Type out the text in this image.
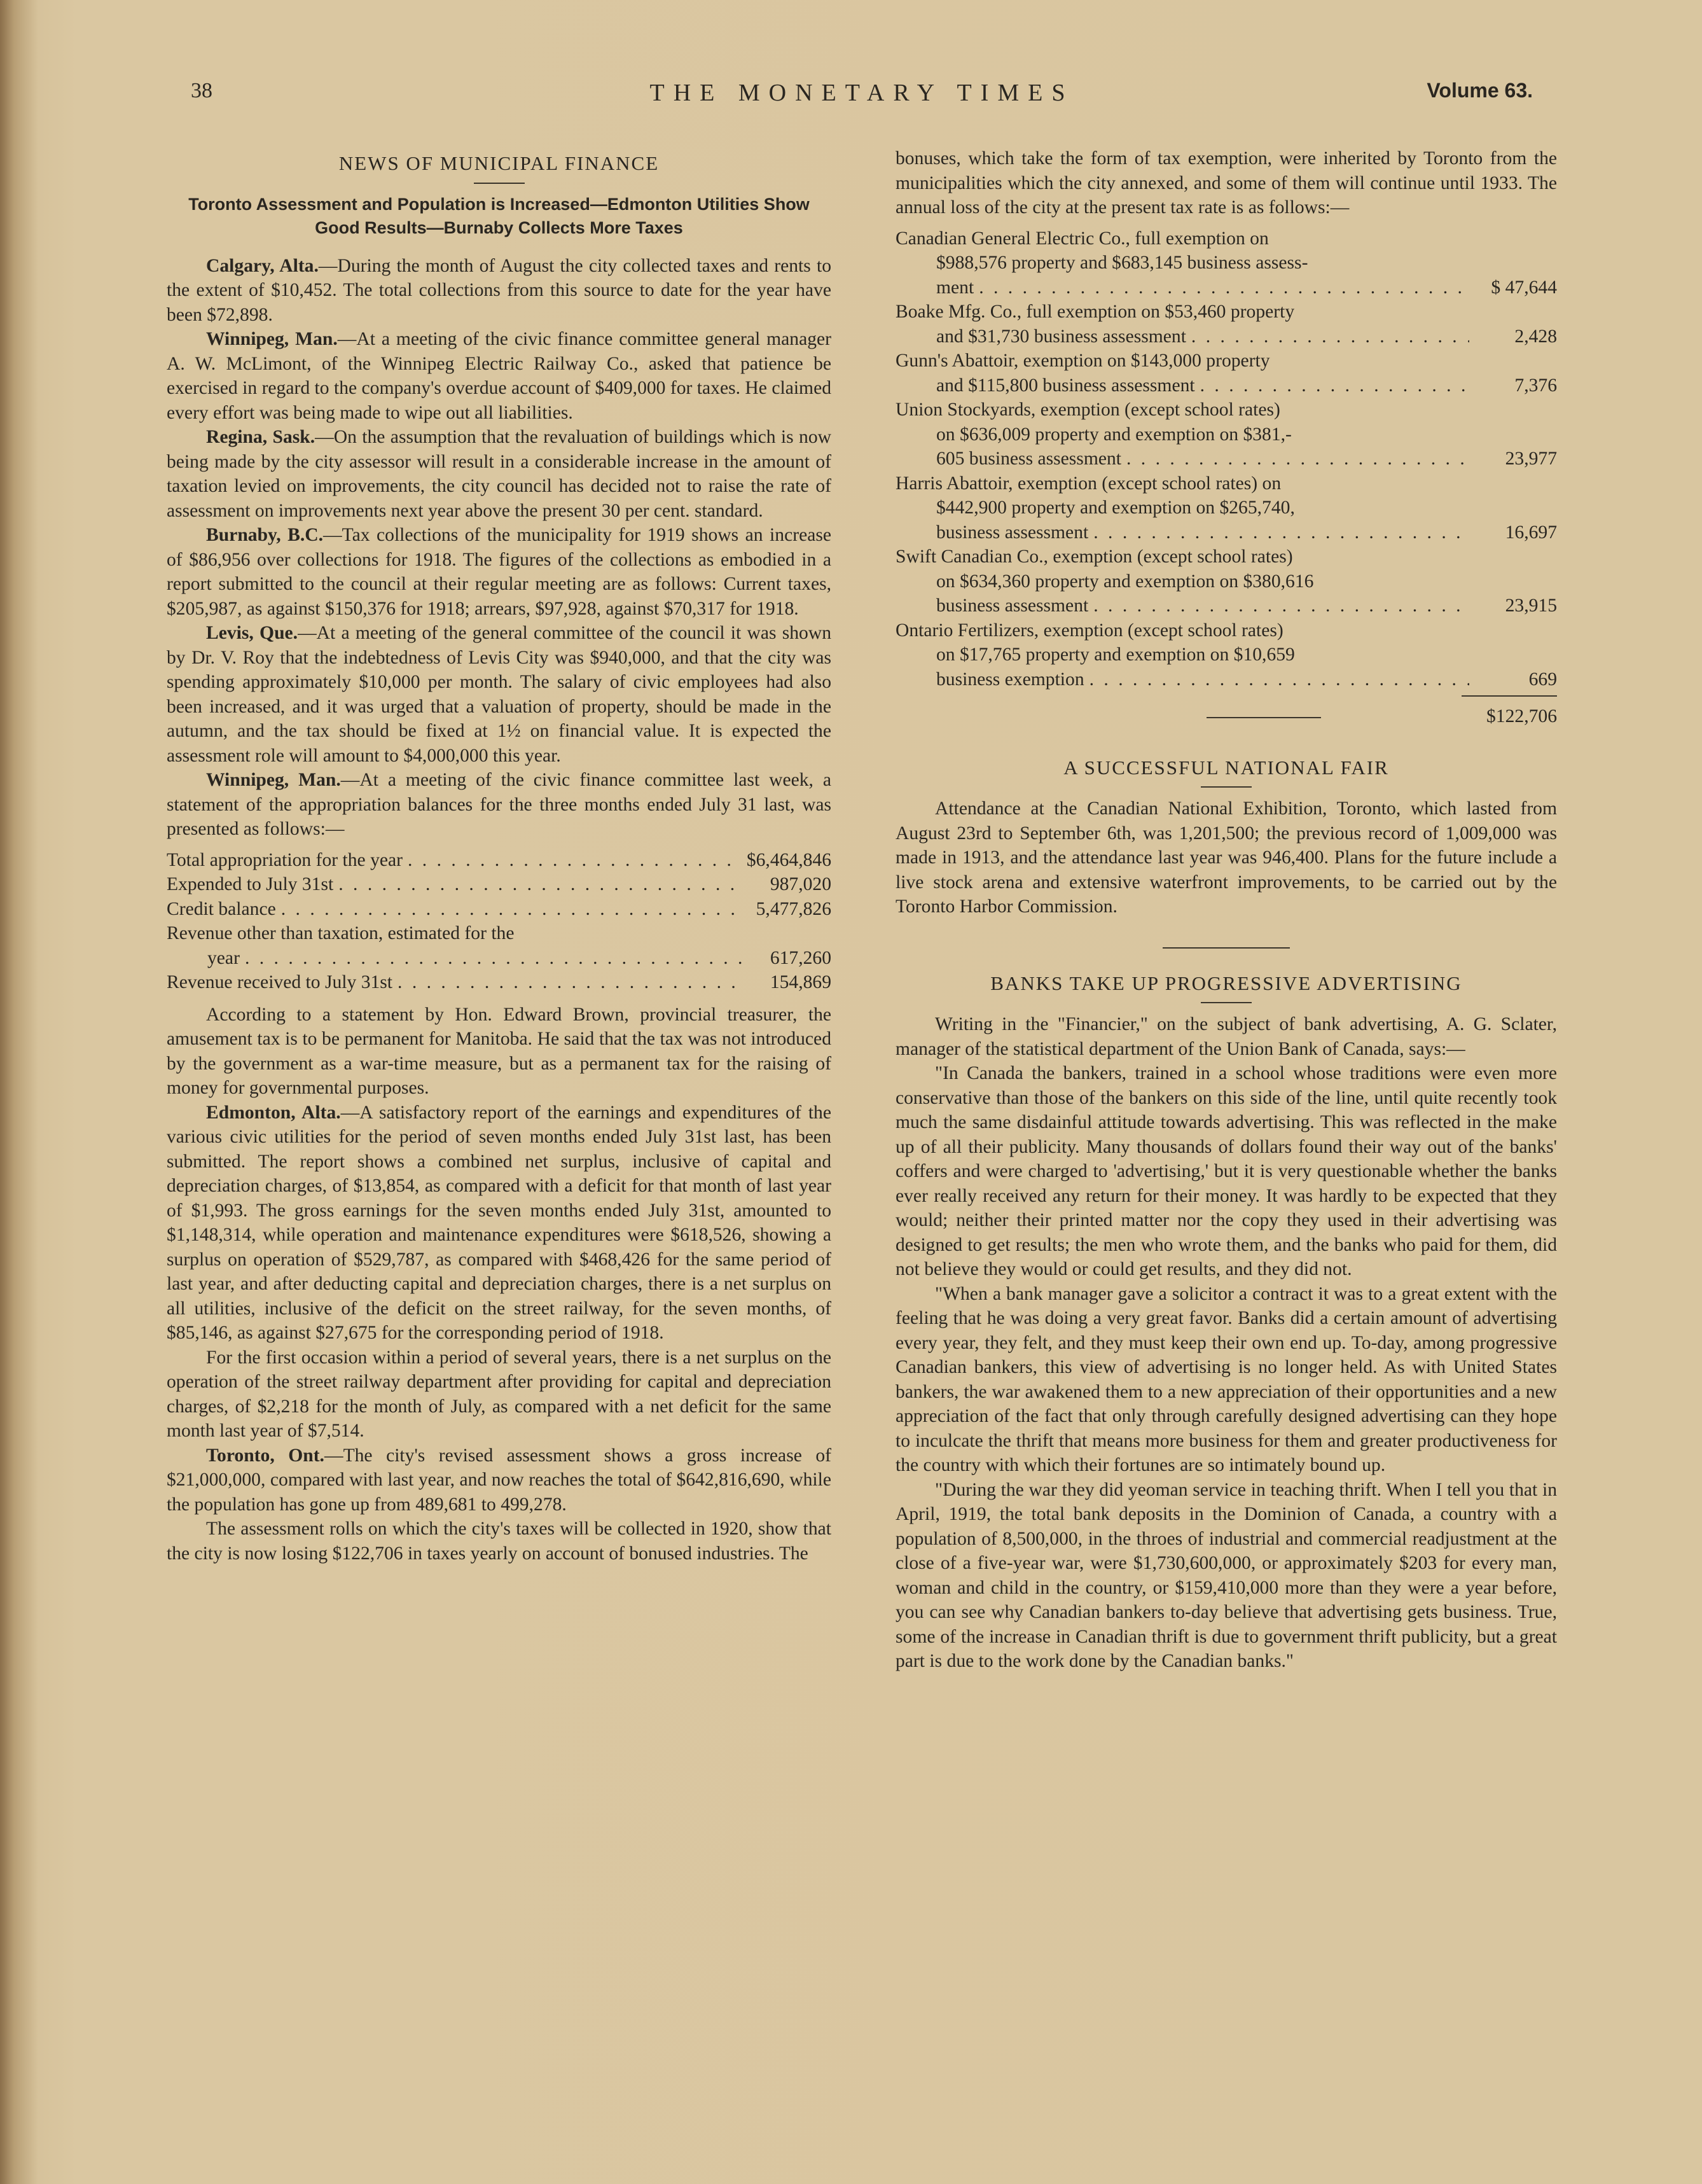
38	THE MONETARY TIMES	Volume 63.
NEWS OF MUNICIPAL FINANCE
Toronto Assessment and Population is Increased—Edmonton Utilities Show Good Results—Burnaby Collects More Taxes

Calgary, Alta.—During the month of August the city collected taxes and rents to the extent of $10,452. The total collections from this source to date for the year have been $72,898.

Winnipeg, Man.—At a meeting of the civic finance committee general manager A. W. McLimont, of the Winnipeg Electric Railway Co., asked that patience be exercised in regard to the company's overdue account of $409,000 for taxes. He claimed every effort was being made to wipe out all liabilities.

Regina, Sask.—On the assumption that the revaluation of buildings which is now being made by the city assessor will result in a considerable increase in the amount of taxation levied on improvements, the city council has decided not to raise the rate of assessment on improvements next year above the present 30 per cent. standard.

Burnaby, B.C.—Tax collections of the municipality for 1919 shows an increase of $86,956 over collections for 1918. The figures of the collections as embodied in a report submitted to the council at their regular meeting are as follows: Current taxes, $205,987, as against $150,376 for 1918; arrears, $97,928, against $70,317 for 1918.

Levis, Que.—At a meeting of the general committee of the council it was shown by Dr. V. Roy that the indebtedness of Levis City was $940,000, and that the city was spending approximately $10,000 per month. The salary of civic employees had also been increased, and it was urged that a valuation of property, should be made in the autumn, and the tax should be fixed at 1½ on financial value. It is expected the assessment role will amount to $4,000,000 this year.

Winnipeg, Man.—At a meeting of the civic finance committee last week, a statement of the appropriation balances for the three months ended July 31 last, was presented as follows:—

Total appropriation for the year . . .	$6,464,846
Expended to July 31st . . .	987,020
Credit balance . . .	5,477,826
Revenue other than taxation, estimated for the
year . . .	617,260
Revenue received to July 31st . . .	154,869

According to a statement by Hon. Edward Brown, provincial treasurer, the amusement tax is to be permanent for Manitoba. He said that the tax was not introduced by the government as a war-time measure, but as a permanent tax for the raising of money for governmental purposes.

Edmonton, Alta.—A satisfactory report of the earnings and expenditures of the various civic utilities for the period of seven months ended July 31st last, has been submitted. The report shows a combined net surplus, inclusive of capital and depreciation charges, of $13,854, as compared with a deficit for that month of last year of $1,993. The gross earnings for the seven months ended July 31st, amounted to $1,148,314, while operation and maintenance expenditures were $618,526, showing a surplus on operation of $529,787, as compared with $468,426 for the same period of last year, and after deducting capital and depreciation charges, there is a net surplus on all utilities, inclusive of the deficit on the street railway, for the seven months, of $85,146, as against $27,675 for the corresponding period of 1918.

For the first occasion within a period of several years, there is a net surplus on the operation of the street railway department after providing for capital and depreciation charges, of $2,218 for the month of July, as compared with a net deficit for the same month last year of $7,514.

Toronto, Ont.—The city's revised assessment shows a gross increase of $21,000,000, compared with last year, and now reaches the total of $642,816,690, while the population has gone up from 489,681 to 499,278.

The assessment rolls on which the city's taxes will be collected in 1920, show that the city is now losing $122,706 in taxes yearly on account of bonused industries. The

bonuses, which take the form of tax exemption, were inherited by Toronto from the municipalities which the city annexed, and some of them will continue until 1933. The annual loss of the city at the present tax rate is as follows:—
Canadian General Electric Co., full exemption on
$988,576 property and $683,145 business assess-
ment . . .	$ 47,644
Boake Mfg. Co., full exemption on $53,460 property
and $31,730 business assessment . . .	2,428
Gunn's Abattoir, exemption on $143,000 property
and $115,800 business assessment . . .	7,376
Union Stockyards, exemption (except school rates)
on $636,009 property and exemption on $381,-
605 business assessment . . .	23,977
Harris Abattoir, exemption (except school rates) on
$442,900 property and exemption on $265,740,
business assessment . . .	16,697
Swift Canadian Co., exemption (except school rates)
on $634,360 property and exemption on $380,616
business assessment . . .	23,915
Ontario Fertilizers, exemption (except school rates)
on $17,765 property and exemption on $10,659
business exemption . . .	669
$122,706
A SUCCESSFUL NATIONAL FAIR

Attendance at the Canadian National Exhibition, Toronto, which lasted from August 23rd to September 6th, was 1,201,500; the previous record of 1,009,000 was made in 1913, and the attendance last year was 946,400. Plans for the future include a live stock arena and extensive waterfront improvements, to be carried out by the Toronto Harbor Commission.

BANKS TAKE UP PROGRESSIVE ADVERTISING

Writing in the "Financier," on the subject of bank advertising, A. G. Sclater, manager of the statistical department of the Union Bank of Canada, says:—

"In Canada the bankers, trained in a school whose traditions were even more conservative than those of the bankers on this side of the line, until quite recently took much the same disdainful attitude towards advertising. This was reflected in the make up of all their publicity. Many thousands of dollars found their way out of the banks' coffers and were charged to 'advertising,' but it is very questionable whether the banks ever really received any return for their money. It was hardly to be expected that they would; neither their printed matter nor the copy they used in their advertising was designed to get results; the men who wrote them, and the banks who paid for them, did not believe they would or could get results, and they did not.

"When a bank manager gave a solicitor a contract it was to a great extent with the feeling that he was doing a very great favor. Banks did a certain amount of advertising every year, they felt, and they must keep their own end up. To-day, among progressive Canadian bankers, this view of advertising is no longer held. As with United States bankers, the war awakened them to a new appreciation of their opportunities and a new appreciation of the fact that only through carefully designed advertising can they hope to inculcate the thrift that means more business for them and greater productiveness for the country with which their fortunes are so intimately bound up.

"During the war they did yeoman service in teaching thrift. When I tell you that in April, 1919, the total bank deposits in the Dominion of Canada, a country with a population of 8,500,000, in the throes of industrial and commercial readjustment at the close of a five-year war, were $1,730,600,000, or approximately $203 for every man, woman and child in the country, or $159,410,000 more than they were a year before, you can see why Canadian bankers to-day believe that advertising gets business. True, some of the increase in Canadian thrift is due to government thrift publicity, but a great part is due to the work done by the Canadian banks."
